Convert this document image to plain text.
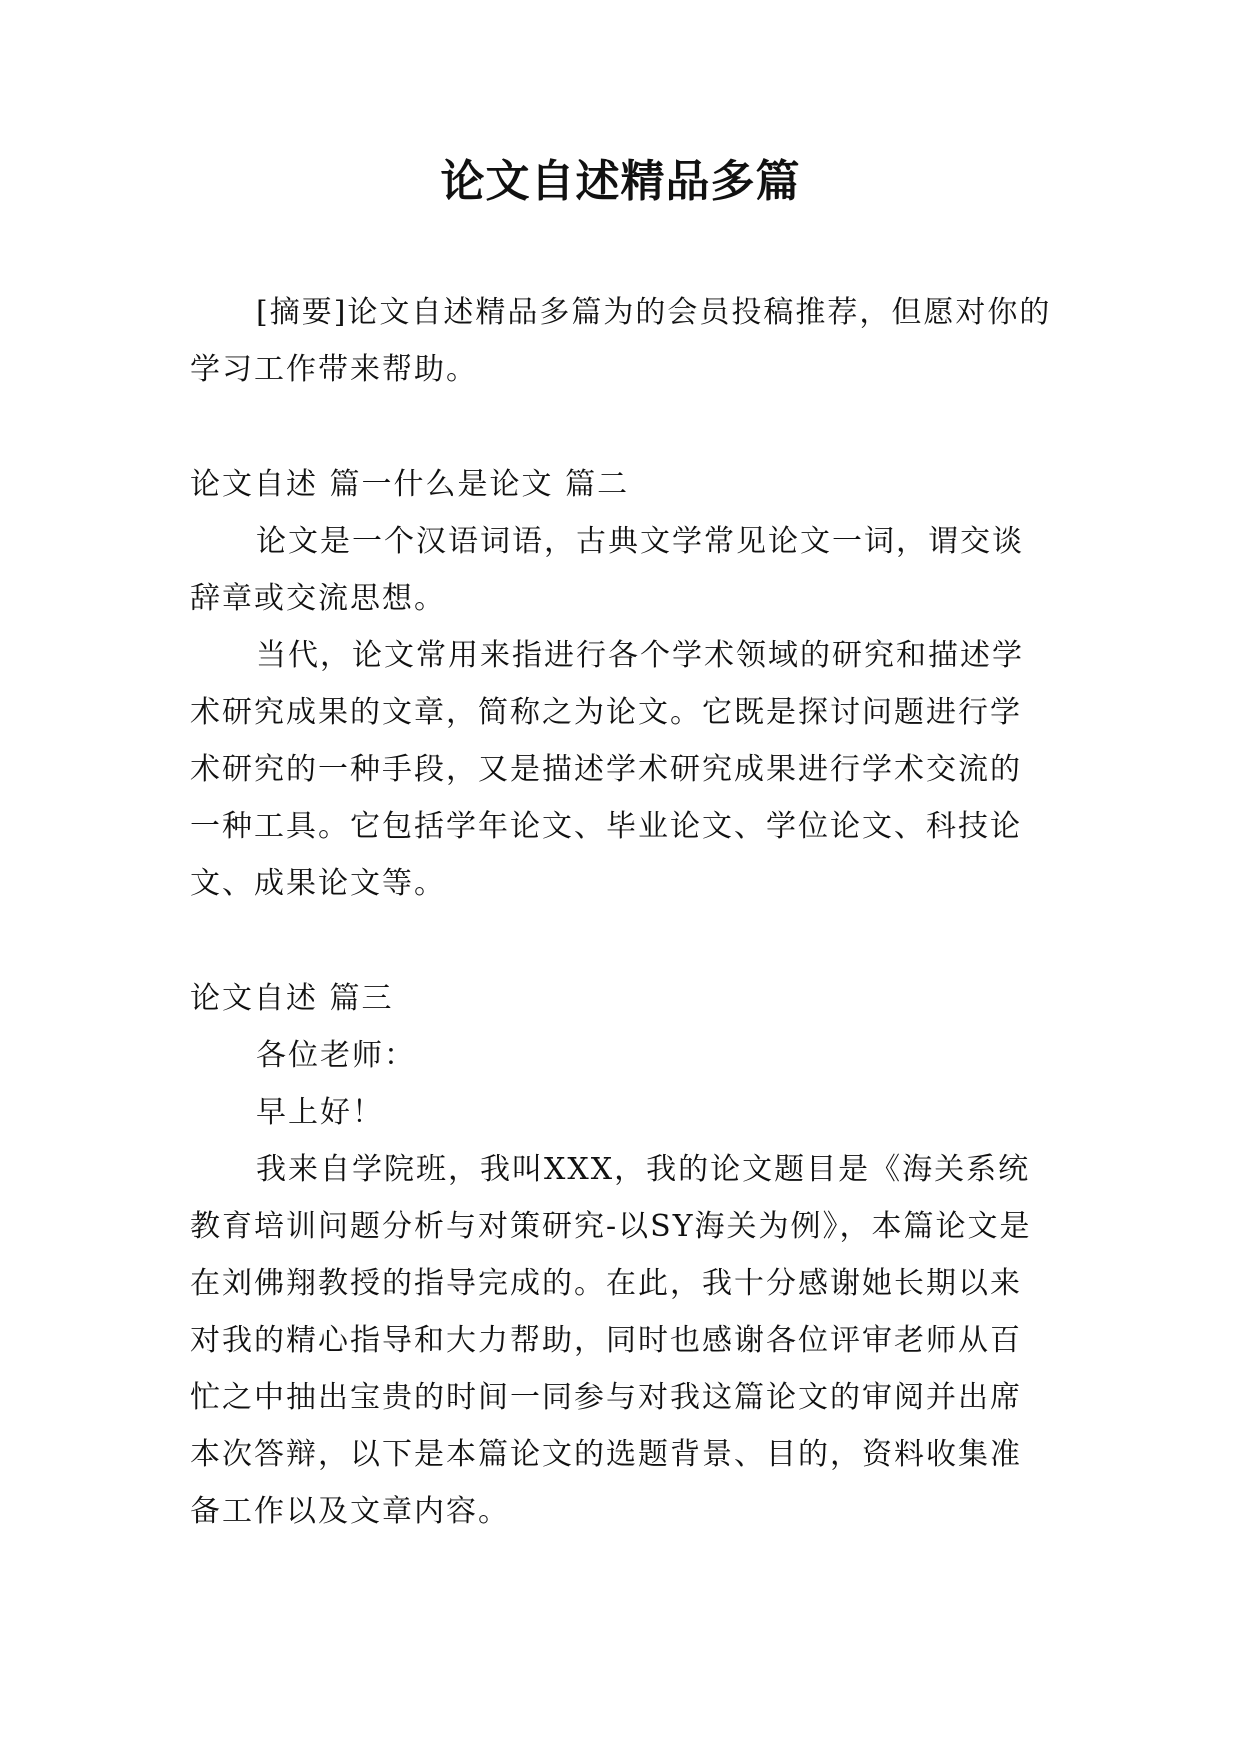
论文自述精品多篇

[摘要]论文自述精品多篇为的会员投稿推荐，但愿对你的学习工作带来帮助。

论文自述 篇一什么是论文 篇二

论文是一个汉语词语，古典文学常见论文一词，谓交谈辞章或交流思想。

当代，论文常用来指进行各个学术领域的研究和描述学术研究成果的文章，简称之为论文。它既是探讨问题进行学术研究的一种手段，又是描述学术研究成果进行学术交流的一种工具。它包括学年论文、毕业论文、学位论文、科技论文、成果论文等。

论文自述 篇三

各位老师：

早上好！

我来自学院班，我叫XXX，我的论文题目是《海关系统教育培训问题分析与对策研究-以SY海关为例》，本篇论文是在刘佛翔教授的指导完成的。在此，我十分感谢她长期以来对我的精心指导和大力帮助，同时也感谢各位评审老师从百忙之中抽出宝贵的时间一同参与对我这篇论文的审阅并出席本次答辩，以下是本篇论文的选题背景、目的，资料收集准备工作以及文章内容。
